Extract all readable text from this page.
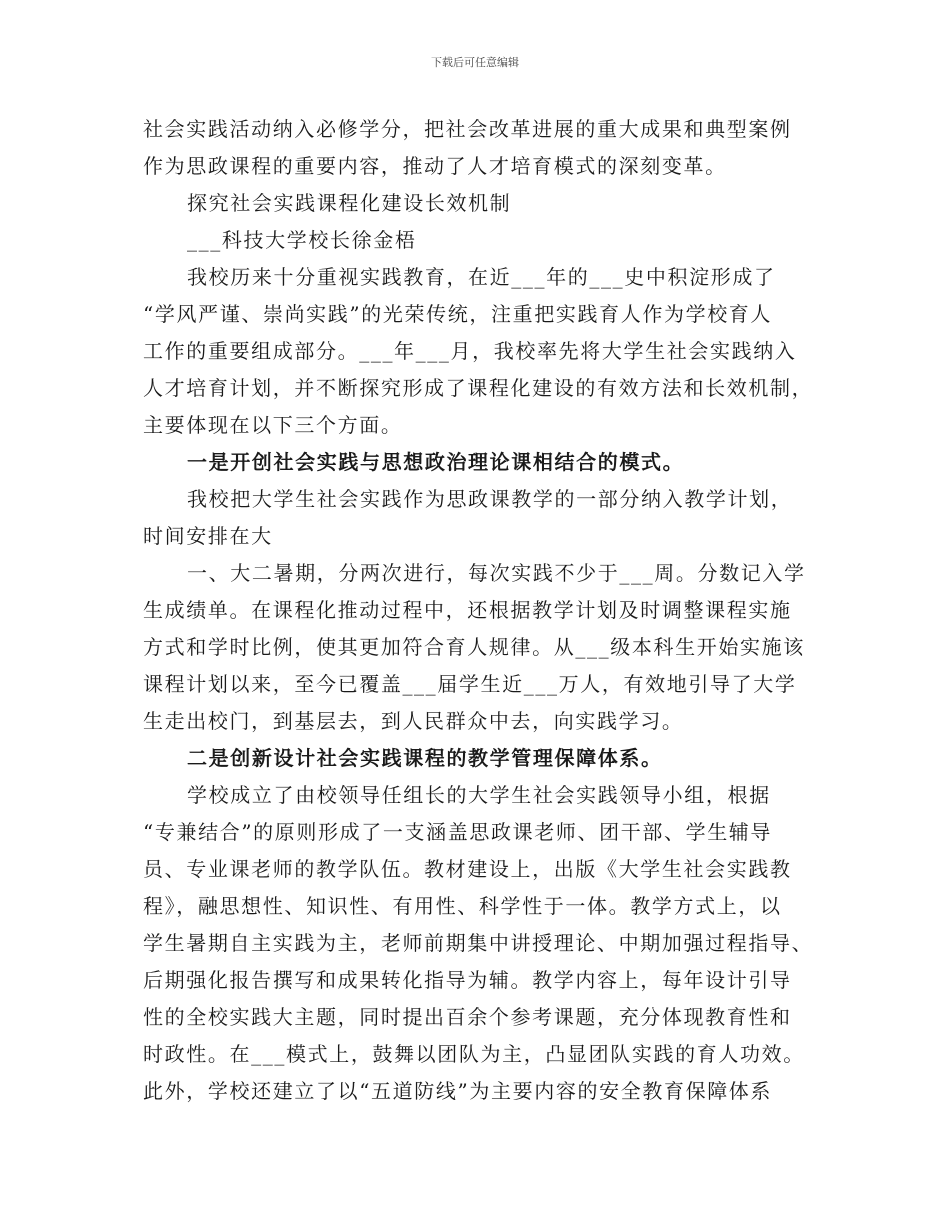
下载后可任意编辑
社会实践活动纳入必修学分，把社会改革进展的重大成果和典型案例
作为思政课程的重要内容，推动了人才培育模式的深刻变革。
探究社会实践课程化建设长效机制
___科技大学校长徐金梧
我校历来十分重视实践教育，在近___年的___史中积淀形成了
“学风严谨、崇尚实践”的光荣传统，注重把实践育人作为学校育人
工作的重要组成部分。___年___月，我校率先将大学生社会实践纳入
人才培育计划，并不断探究形成了课程化建设的有效方法和长效机制，
主要体现在以下三个方面。
一是开创社会实践与思想政治理论课相结合的模式。
我校把大学生社会实践作为思政课教学的一部分纳入教学计划，
时间安排在大
一、大二暑期，分两次进行，每次实践不少于___周。分数记入学
生成绩单。在课程化推动过程中，还根据教学计划及时调整课程实施
方式和学时比例，使其更加符合育人规律。从___级本科生开始实施该
课程计划以来，至今已覆盖___届学生近___万人，有效地引导了大学
生走出校门，到基层去，到人民群众中去，向实践学习。
二是创新设计社会实践课程的教学管理保障体系。
学校成立了由校领导任组长的大学生社会实践领导小组，根据
“专兼结合”的原则形成了一支涵盖思政课老师、团干部、学生辅导
员、专业课老师的教学队伍。教材建设上，出版《大学生社会实践教
程》，融思想性、知识性、有用性、科学性于一体。教学方式上，以
学生暑期自主实践为主，老师前期集中讲授理论、中期加强过程指导、
后期强化报告撰写和成果转化指导为辅。教学内容上，每年设计引导
性的全校实践大主题，同时提出百余个参考课题，充分体现教育性和
时政性。在___模式上，鼓舞以团队为主，凸显团队实践的育人功效。
此外，学校还建立了以“五道防线”为主要内容的安全教育保障体系
